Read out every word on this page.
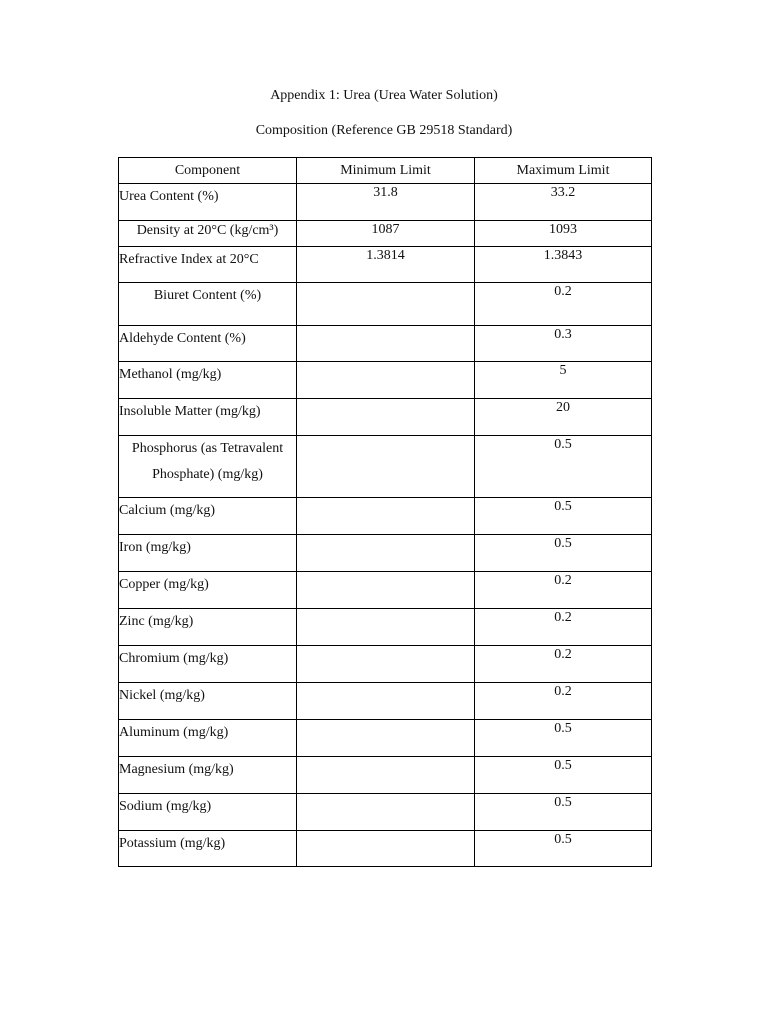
Appendix 1: Urea (Urea Water Solution)
Composition (Reference GB 29518 Standard)
Component	Minimum Limit	Maximum Limit
Urea Content (%)	31.8	33.2
Density at 20°C (kg/cm³)	1087	1093
Refractive Index at 20°C	1.3814	1.3843
Biuret Content (%)		0.2
Aldehyde Content (%)		0.3
Methanol (mg/kg)		5
Insoluble Matter (mg/kg)		20
Phosphorus (as Tetravalent Phosphate) (mg/kg)		0.5
Calcium (mg/kg)		0.5
Iron (mg/kg)		0.5
Copper (mg/kg)		0.2
Zinc (mg/kg)		0.2
Chromium (mg/kg)		0.2
Nickel (mg/kg)		0.2
Aluminum (mg/kg)		0.5
Magnesium (mg/kg)		0.5
Sodium (mg/kg)		0.5
Potassium (mg/kg)		0.5
